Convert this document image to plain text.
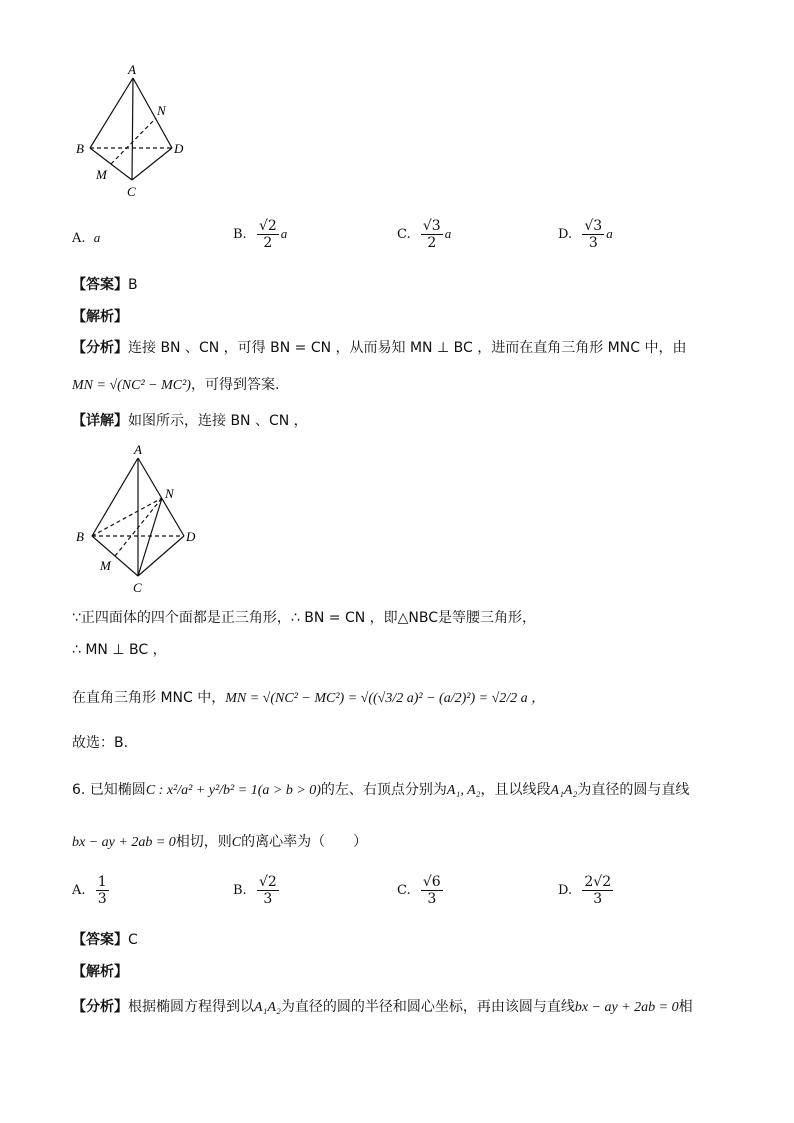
A
N
B	D
M
C
A. a	B. $\frac{√2}{2}$ a	C. $\frac{√3}{2}$ a	D. $\frac{√3}{3}$ a
【答案】B
【解析】
【分析】连接 BN 、CN ，可得 BN = CN ，从而易知 MN ⊥ BC ，进而在直角三角形 MNC 中，由
MN = √(NC² − MC²)，可得到答案.
【详解】如图所示，连接 BN 、CN ，
A
N
B	D
M
C
∵正四面体的四个面都是正三角形，∴ BN = CN ，即△NBC是等腰三角形，
∴ MN ⊥ BC ，
在直角三角形 MNC 中，MN = √(NC² − MC²) = √((√3/2 a)² − (a/2)²) = √2/2 a ，
故选：B.
6. 已知椭圆C : x²/a² + y²/b² = 1(a > b > 0)的左、右顶点分别为A₁, A₂，且以线段A₁A₂为直径的圆与直线
bx − ay + 2ab = 0相切，则C的离心率为（　　）
A. $\frac{1}{3}$	B. $\frac{√2}{3}$	C. $\frac{√6}{3}$	D. $\frac{2√2}{3}$
【答案】C
【解析】
【分析】根据椭圆方程得到以A₁A₂为直径的圆的半径和圆心坐标，再由该圆与直线bx − ay + 2ab = 0相
